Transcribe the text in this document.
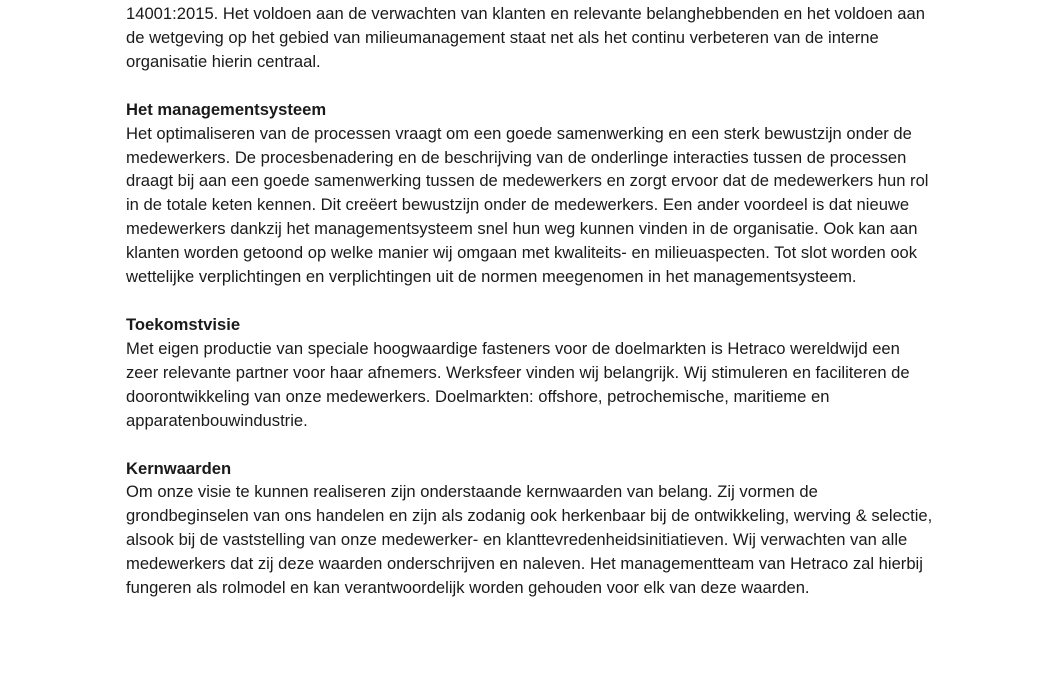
14001:2015. Het voldoen aan de verwachten van klanten en relevante belanghebbenden en het voldoen aan de wetgeving op het gebied van milieumanagement staat net als het continu verbeteren van de interne organisatie hierin centraal.

Het managementsysteem

Het optimaliseren van de processen vraagt om een goede samenwerking en een sterk bewustzijn onder de medewerkers. De procesbenadering en de beschrijving van de onderlinge interacties tussen de processen draagt bij aan een goede samenwerking tussen de medewerkers en zorgt ervoor dat de medewerkers hun rol in de totale keten kennen. Dit creëert bewustzijn onder de medewerkers. Een ander voordeel is dat nieuwe medewerkers dankzij het managementsysteem snel hun weg kunnen vinden in de organisatie. Ook kan aan klanten worden getoond op welke manier wij omgaan met kwaliteits- en milieuaspecten. Tot slot worden ook wettelijke verplichtingen en verplichtingen uit de normen meegenomen in het managementsysteem.

Toekomstvisie

Met eigen productie van speciale hoogwaardige fasteners voor de doelmarkten is Hetraco wereldwijd een zeer relevante partner voor haar afnemers. Werksfeer vinden wij belangrijk. Wij stimuleren en faciliteren de doorontwikkeling van onze medewerkers. Doelmarkten: offshore, petrochemische, maritieme en apparatenbouwindustrie.

Kernwaarden

Om onze visie te kunnen realiseren zijn onderstaande kernwaarden van belang. Zij vormen de grondbeginselen van ons handelen en zijn als zodanig ook herkenbaar bij de ontwikkeling, werving & selectie, alsook bij de vaststelling van onze medewerker- en klanttevredenheidsinitiatieven. Wij verwachten van alle medewerkers dat zij deze waarden onderschrijven en naleven. Het managementteam van Hetraco zal hierbij fungeren als rolmodel en kan verantwoordelijk worden gehouden voor elk van deze waarden.
